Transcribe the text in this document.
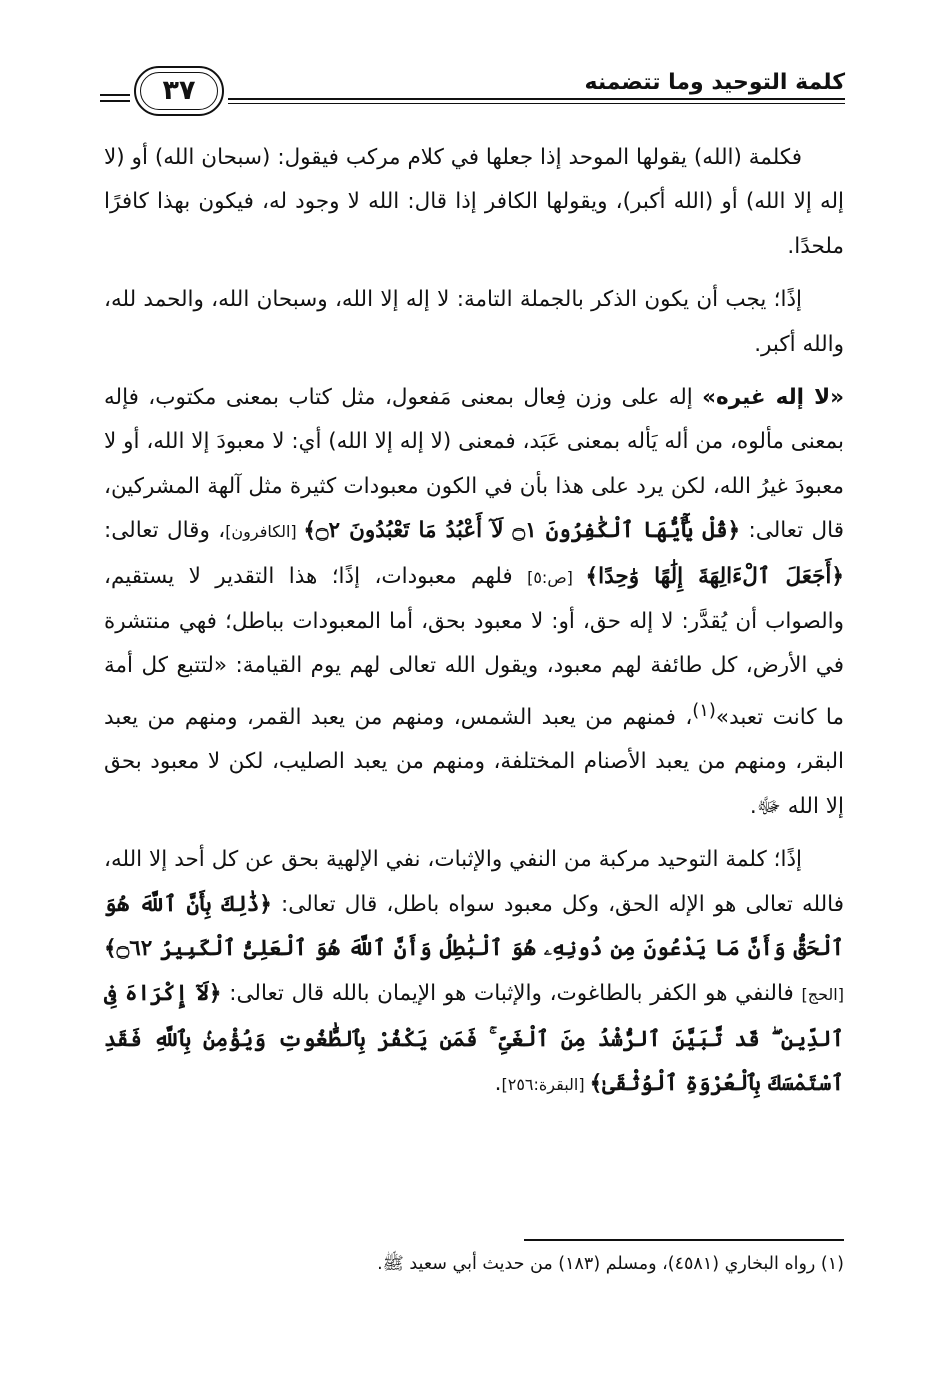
كلمة التوحيد وما تتضمنه
٣٧

فكلمة (الله) يقولها الموحد إذا جعلها في كلام مركب فيقول: (سبحان الله) أو (لا إله إلا الله) أو (الله أكبر)، ويقولها الكافر إذا قال: الله لا وجود له، فيكون بهذا كافرًا ملحدًا.

إذًا؛ يجب أن يكون الذكر بالجملة التامة: لا إله إلا الله، وسبحان الله، والحمد لله، والله أكبر.

«لا إله غيره» إله على وزن فِعال بمعنى مَفعول، مثل كتاب بمعنى مكتوب، فإله بمعنى مألوه، من أله يَأله بمعنى عَبَد، فمعنى (لا إله إلا الله) أي: لا معبودَ إلا الله، أو لا معبودَ غيرُ الله، لكن يرد على هذا بأن في الكون معبودات كثيرة مثل آلهة المشركين، قال تعالى: ﴿قُلْ يَٰٓأَيُّهَا ٱلْكَٰفِرُونَ ۝١ لَآ أَعْبُدُ مَا تَعْبُدُونَ ۝٢﴾ [الكافرون]، وقال تعالى: ﴿أَجَعَلَ ٱلْءَالِهَةَ إِلَٰهًا وَٰحِدًا﴾ [ص:٥] فلهم معبودات، إذًا؛ هذا التقدير لا يستقيم، والصواب أن يُقدَّر: لا إله حق، أو: لا معبود بحق، أما المعبودات بباطل؛ فهي منتشرة في الأرض، كل طائفة لهم معبود، ويقول الله تعالى لهم يوم القيامة: «لتتبع كل أمة ما كانت تعبد»$^{(١)}$، فمنهم من يعبد الشمس، ومنهم من يعبد القمر، ومنهم من يعبد البقر، ومنهم من يعبد الأصنام المختلفة، ومنهم من يعبد الصليب، لكن لا معبود بحق إلا الله ﷻ.

إذًا؛ كلمة التوحيد مركبة من النفي والإثبات، نفي الإلهية بحق عن كل أحد إلا الله، فالله تعالى هو الإله الحق، وكل معبود سواه باطل، قال تعالى: ﴿ذَٰلِكَ بِأَنَّ ٱللَّهَ هُوَ ٱلْحَقُّ وَأَنَّ مَا يَدْعُونَ مِن دُونِهِۦ هُوَ ٱلْبَٰطِلُ وَأَنَّ ٱللَّهَ هُوَ ٱلْعَلِىُّ ٱلْكَبِيرُ ۝٦٢﴾ [الحج] فالنفي هو الكفر بالطاغوت، والإثبات هو الإيمان بالله قال تعالى: ﴿لَآ إِكْرَاهَ فِى ٱلدِّينِ ۖ قَد تَّبَيَّنَ ٱلرُّشْدُ مِنَ ٱلْغَىِّ ۚ فَمَن يَكْفُرْ بِٱلطَّٰغُوتِ وَيُؤْمِنۢ بِٱللَّهِ فَقَدِ ٱسْتَمْسَكَ بِٱلْعُرْوَةِ ٱلْوُثْقَىٰ﴾ [البقرة:٢٥٦].

(١) رواه البخاري (٤٥٨١)، ومسلم (١٨٣) من حديث أبي سعيد ﷺ.
